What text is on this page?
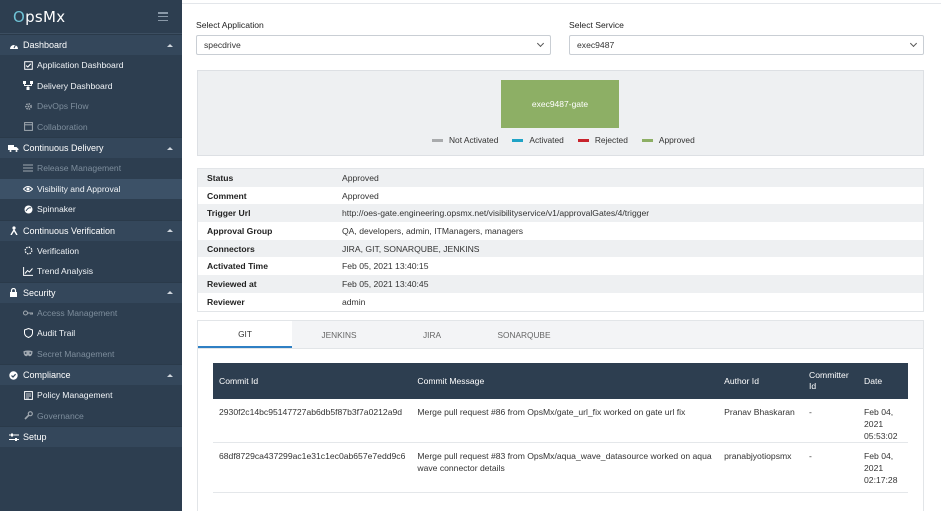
OpsMx
Dashboard
Application Dashboard
Delivery Dashboard
DevOps Flow
Collaboration
Continuous Delivery
Release Management
Visibility and Approval
Spinnaker
Continuous Verification
Verification
Trend Analysis
Security
Access Management
Audit Trail
Secret Management
Compliance
Policy Management
Governance
Setup
Select Application
specdrive
Select Service
exec9487
exec9487-gate
Not Activated	Activated	Rejected	Approved
Status	Approved
Comment	Approved
Trigger Url	http://oes-gate.engineering.opsmx.net/visibilityservice/v1/approvalGates/4/trigger
Approval Group	QA, developers, admin, ITManagers, managers
Connectors	JIRA, GIT, SONARQUBE, JENKINS
Activated Time	Feb 05, 2021 13:40:15
Reviewed at	Feb 05, 2021 13:40:45
Reviewer	admin
GIT	JENKINS	JIRA	SONARQUBE
Commit Id	Commit Message	Author Id	Committer Id	Date
2930f2c14bc95147727ab6db5f87b3f7a0212a9d	Merge pull request #86 from OpsMx/gate_url_fix worked on gate url fix	Pranav Bhaskaran	-	Feb 04, 2021 05:53:02
68df8729ca437299ac1e31c1ec0ab657e7edd9c6	Merge pull request #83 from OpsMx/aqua_wave_datasource worked on aqua wave connector details	pranabjyotiopsmx	-	Feb 04, 2021 02:17:28
